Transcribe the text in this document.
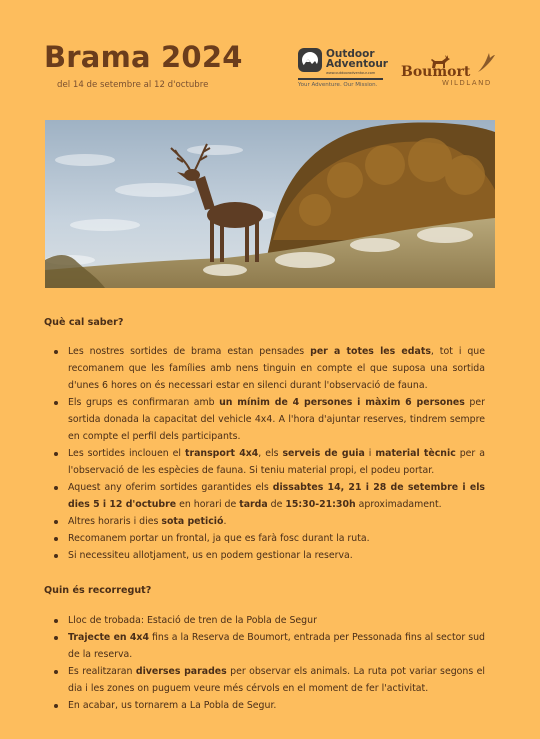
Brama 2024
del 14 de setembre al 12 d'octubre
Outdoor
Adventour
www.outdooradventour.com
Your Adventure. Our Mission.
Boumort
WILDLAND
Què cal saber?
Les nostres sortides de brama estan pensades per a totes les edats, tot i que recomanem que les famílies amb nens tinguin en compte el que suposa una sortida d'unes 6 hores on és necessari estar en silenci durant l'observació de fauna.
Els grups es confirmaran amb un mínim de 4 persones i màxim 6 persones per sortida donada la capacitat del vehicle 4x4. A l'hora d'ajuntar reserves, tindrem sempre en compte el perfil dels participants.
Les sortides inclouen el transport 4x4, els serveis de guia i material tècnic per a l'observació de les espècies de fauna. Si teniu material propi, el podeu portar.
Aquest any oferim sortides garantides els dissabtes 14, 21 i 28 de setembre i els dies 5 i 12 d'octubre en horari de tarda de 15:30-21:30h aproximadament.
Altres horaris i dies sota petició.
Recomanem portar un frontal, ja que es farà fosc durant la ruta.
Si necessiteu allotjament, us en podem gestionar la reserva.
Quin és recorregut?
Lloc de trobada: Estació de tren de la Pobla de Segur
Trajecte en 4x4 fins a la Reserva de Boumort, entrada per Pessonada fins al sector sud de la reserva.
Es realitzaran diverses parades per observar els animals. La ruta pot variar segons el dia i les zones on puguem veure més cérvols en el moment de fer l'activitat.
En acabar, us tornarem a La Pobla de Segur.
